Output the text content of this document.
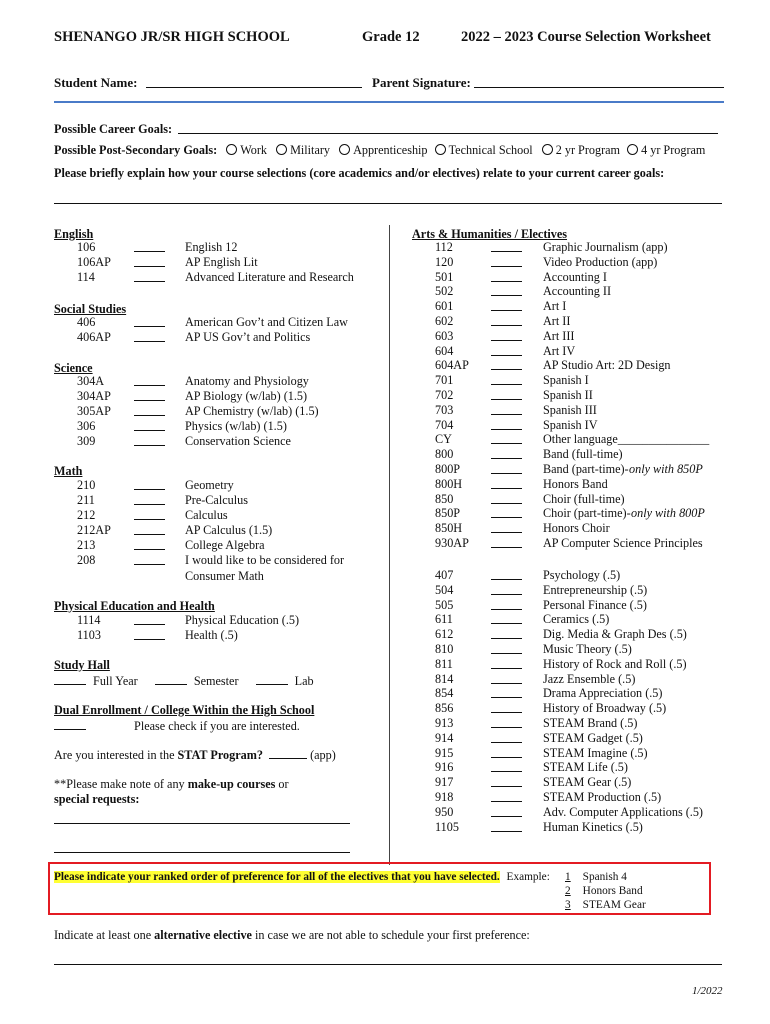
SHENANGO JR/SR HIGH SCHOOL	Grade 12	2022 – 2023 Course Selection Worksheet
Student Name:	Parent Signature:
Possible Career Goals:
Possible Post-Secondary Goals: Work Military Apprenticeship Technical School 2 yr Program 4 yr Program
Please briefly explain how your course selections (core academics and/or electives) relate to your current career goals:
English
106	English 12
106AP	AP English Lit
114	Advanced Literature and Research
Social Studies
406	American Gov’t and Citizen Law
406AP	AP US Gov’t and Politics
Science
304A	Anatomy and Physiology
304AP	AP Biology (w/lab) (1.5)
305AP	AP Chemistry (w/lab) (1.5)
306	Physics (w/lab) (1.5)
309	Conservation Science
Math
210	Geometry
211	Pre-Calculus
212	Calculus
212AP	AP Calculus (1.5)
213	College Algebra
208	I would like to be considered for
Consumer Math
Physical Education and Health
1114	Physical Education (.5)
1103	Health (.5)
Study Hall
Full Year	Semester	Lab
Dual Enrollment / College Within the High School
Please check if you are interested.
Are you interested in the STAT Program?	(app)
**Please make note of any make-up courses or
special requests:
Arts & Humanities / Electives
112	Graphic Journalism (app)
120	Video Production (app)
501	Accounting I
502	Accounting II
601	Art I
602	Art II
603	Art III
604	Art IV
604AP	AP Studio Art: 2D Design
701	Spanish I
702	Spanish II
703	Spanish III
704	Spanish IV
CY	Other language_______________
800	Band (full-time)
800P	Band (part-time)- only with 850P
800H	Honors Band
850	Choir (full-time)
850P	Choir (part-time)- only with 800P
850H	Honors Choir
930AP	AP Computer Science Principles
407	Psychology (.5)
504	Entrepreneurship (.5)
505	Personal Finance (.5)
611	Ceramics (.5)
612	Dig. Media & Graph Des (.5)
810	Music Theory (.5)
811	History of Rock and Roll (.5)
814	Jazz Ensemble (.5)
854	Drama Appreciation (.5)
856	History of Broadway (.5)
913	STEAM Brand (.5)
914	STEAM Gadget (.5)
915	STEAM Imagine (.5)
916	STEAM Life (.5)
917	STEAM Gear (.5)
918	STEAM Production (.5)
950	Adv. Computer Applications (.5)
1105	Human Kinetics (.5)
Please indicate your ranked order of preference for all of the electives that you have selected. Example:	1 Spanish 4
2 Honors Band
3 STEAM Gear
Indicate at least one alternative elective in case we are not able to schedule your first preference:
1/2022
